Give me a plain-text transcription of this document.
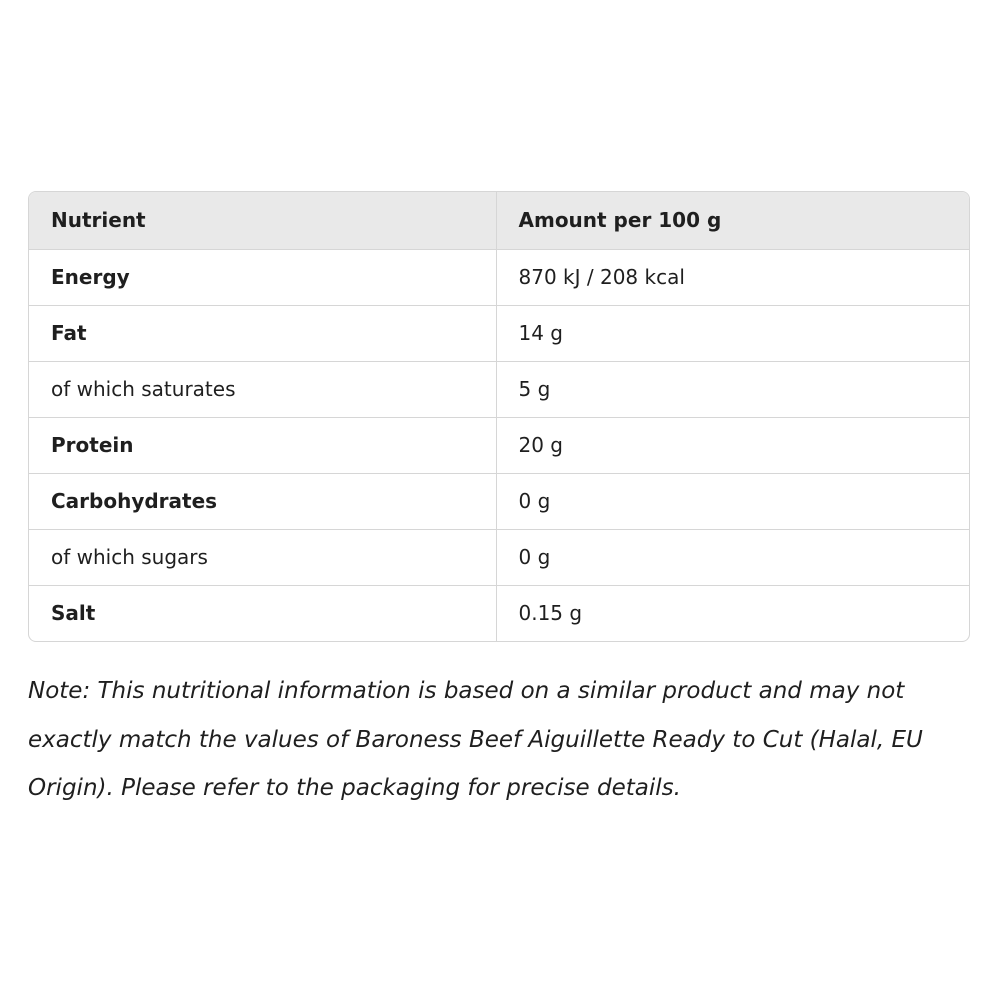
Nutrient	Amount per 100 g
Energy	870 kJ / 208 kcal
Fat	14 g
of which saturates	5 g
Protein	20 g
Carbohydrates	0 g
of which sugars	0 g
Salt	0.15 g

Note: This nutritional information is based on a similar product and may not exactly match the values of Baroness Beef Aiguillette Ready to Cut (Halal, EU Origin). Please refer to the packaging for precise details.
